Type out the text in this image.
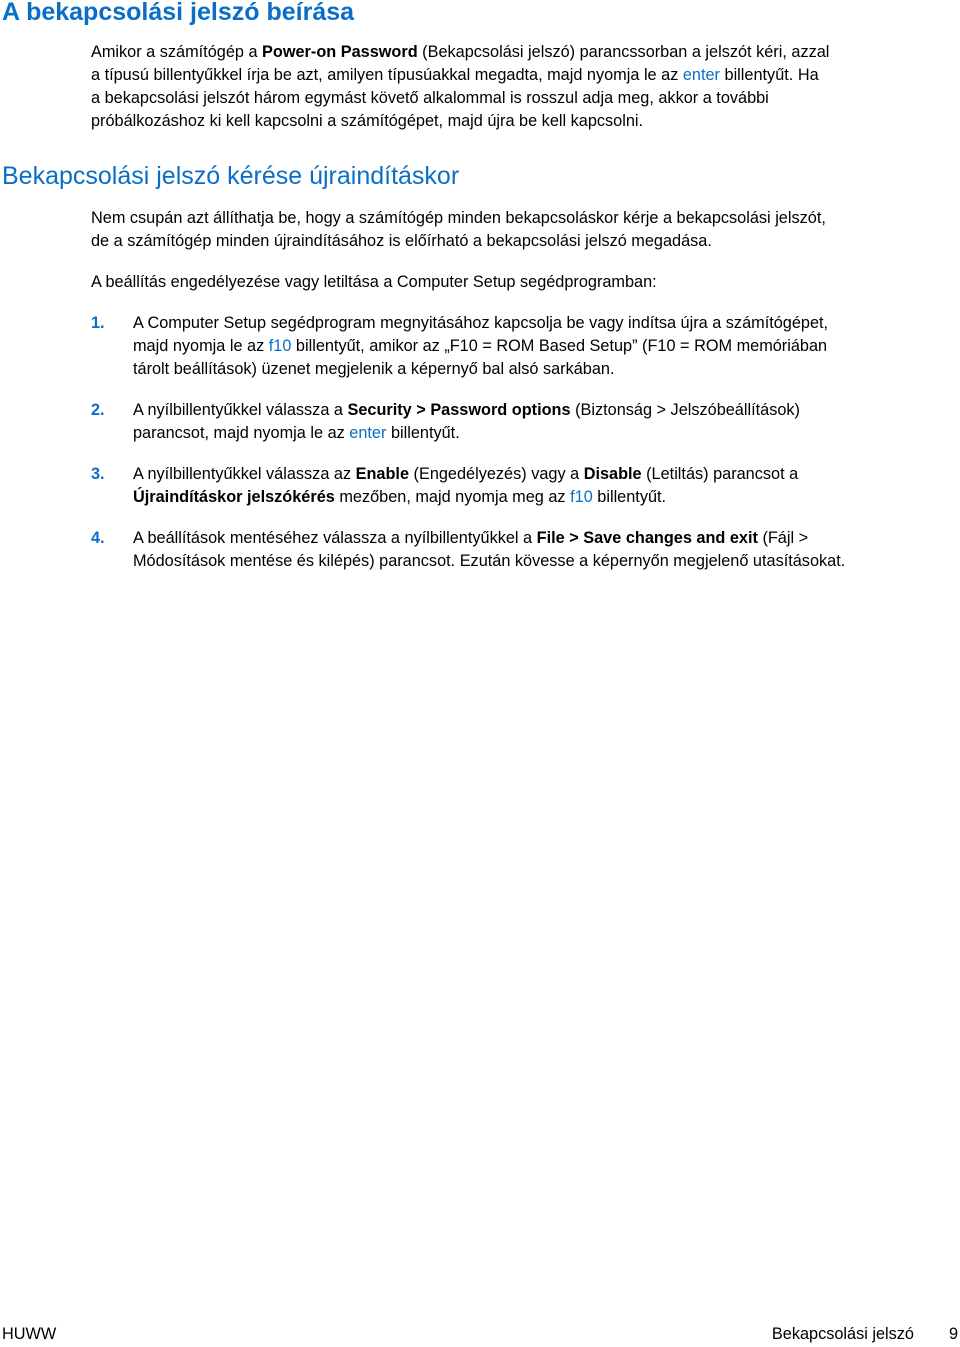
A bekapcsolási jelszó beírása

Amikor a számítógép a Power-on Password (Bekapcsolási jelszó) parancssorban a jelszót kéri, azzal
a típusú billentyűkkel írja be azt, amilyen típusúakkal megadta, majd nyomja le az enter billentyűt. Ha
a bekapcsolási jelszót három egymást követő alkalommal is rosszul adja meg, akkor a további
próbálkozáshoz ki kell kapcsolni a számítógépet, majd újra be kell kapcsolni.

Bekapcsolási jelszó kérése újraindításkor

Nem csupán azt állíthatja be, hogy a számítógép minden bekapcsoláskor kérje a bekapcsolási jelszót,
de a számítógép minden újraindításához is előírható a bekapcsolási jelszó megadása.

A beállítás engedélyezése vagy letiltása a Computer Setup segédprogramban:

1. A Computer Setup segédprogram megnyitásához kapcsolja be vagy indítsa újra a számítógépet,
majd nyomja le az f10 billentyűt, amikor az „F10 = ROM Based Setup” (F10 = ROM memóriában
tárolt beállítások) üzenet megjelenik a képernyő bal alsó sarkában.
2. A nyílbillentyűkkel válassza a Security > Password options (Biztonság > Jelszóbeállítások)
parancsot, majd nyomja le az enter billentyűt.
3. A nyílbillentyűkkel válassza az Enable (Engedélyezés) vagy a Disable (Letiltás) parancsot a
Újraindításkor jelszókérés mezőben, majd nyomja meg az f10 billentyűt.
4. A beállítások mentéséhez válassza a nyílbillentyűkkel a File > Save changes and exit (Fájl >
Módosítások mentése és kilépés) parancsot. Ezután kövesse a képernyőn megjelenő utasításokat.
HUWW	Bekapcsolási jelszó 9
